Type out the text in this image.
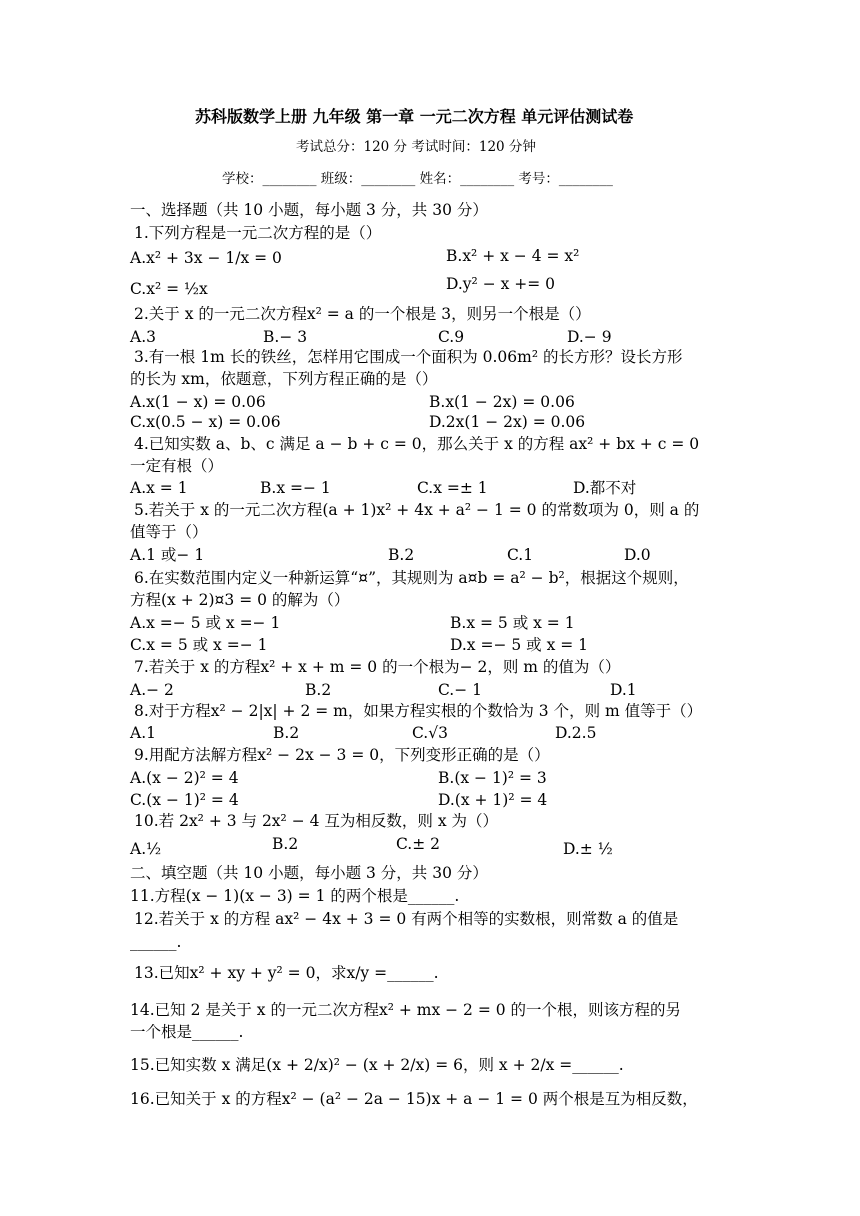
苏科版数学上册 九年级 第一章 一元二次方程 单元评估测试卷
考试总分：120 分 考试时间：120 分钟
学校：________ 班级：________ 姓名：________ 考号：________
一、选择题（共 10 小题，每小题 3 分，共 30 分）
1.下列方程是一元二次方程的是（）
A.x² + 3x − 1/x = 0	B.x² + x − 4 = x²
C.x² = ½x	D.y² − x += 0
2.关于 x 的一元二次方程x² = a 的一个根是 3，则另一个根是（）
A.3	B.− 3	C.9	D.− 9
3.有一根 1m 长的铁丝，怎样用它围成一个面积为 0.06m² 的长方形？设长方形
的长为 xm，依题意，下列方程正确的是（）
A.x(1 − x) = 0.06	B.x(1 − 2x) = 0.06
C.x(0.5 − x) = 0.06	D.2x(1 − 2x) = 0.06
4.已知实数 a、b、c 满足 a − b + c = 0，那么关于 x 的方程 ax² + bx + c = 0
一定有根（）
A.x = 1	B.x =− 1	C.x =± 1	D.都不对
5.若关于 x 的一元二次方程(a + 1)x² + 4x + a² − 1 = 0 的常数项为 0，则 a 的
值等于（）
A.1 或− 1	B.2	C.1	D.0
6.在实数范围内定义一种新运算“¤”，其规则为 a¤b = a² − b²，根据这个规则，
方程(x + 2)¤3 = 0 的解为（）
A.x =− 5 或 x =− 1	B.x = 5 或 x = 1
C.x = 5 或 x =− 1	D.x =− 5 或 x = 1
7.若关于 x 的方程x² + x + m = 0 的一个根为− 2，则 m 的值为（）
A.− 2	B.2	C.− 1	D.1
8.对于方程x² − 2|x| + 2 = m，如果方程实根的个数恰为 3 个，则 m 值等于（）
A.1	B.2	C.√3	D.2.5
9.用配方法解方程x² − 2x − 3 = 0，下列变形正确的是（）
A.(x − 2)² = 4	B.(x − 1)² = 3
C.(x − 1)² = 4	D.(x + 1)² = 4
10.若 2x² + 3 与 2x² − 4 互为相反数，则 x 为（）
A.½	B.2	C.± 2	D.± ½
二、填空题（共 10 小题，每小题 3 分，共 30 分）
11.方程(x − 1)(x − 3) = 1 的两个根是______.
12.若关于 x 的方程 ax² − 4x + 3 = 0 有两个相等的实数根，则常数 a 的值是
______.
13.已知x² + xy + y² = 0，求x/y =______.
14.已知 2 是关于 x 的一元二次方程x² + mx − 2 = 0 的一个根，则该方程的另
一个根是______.
15.已知实数 x 满足(x + 2/x)² − (x + 2/x) = 6，则 x + 2/x =______.
16.已知关于 x 的方程x² − (a² − 2a − 15)x + a − 1 = 0 两个根是互为相反数，
